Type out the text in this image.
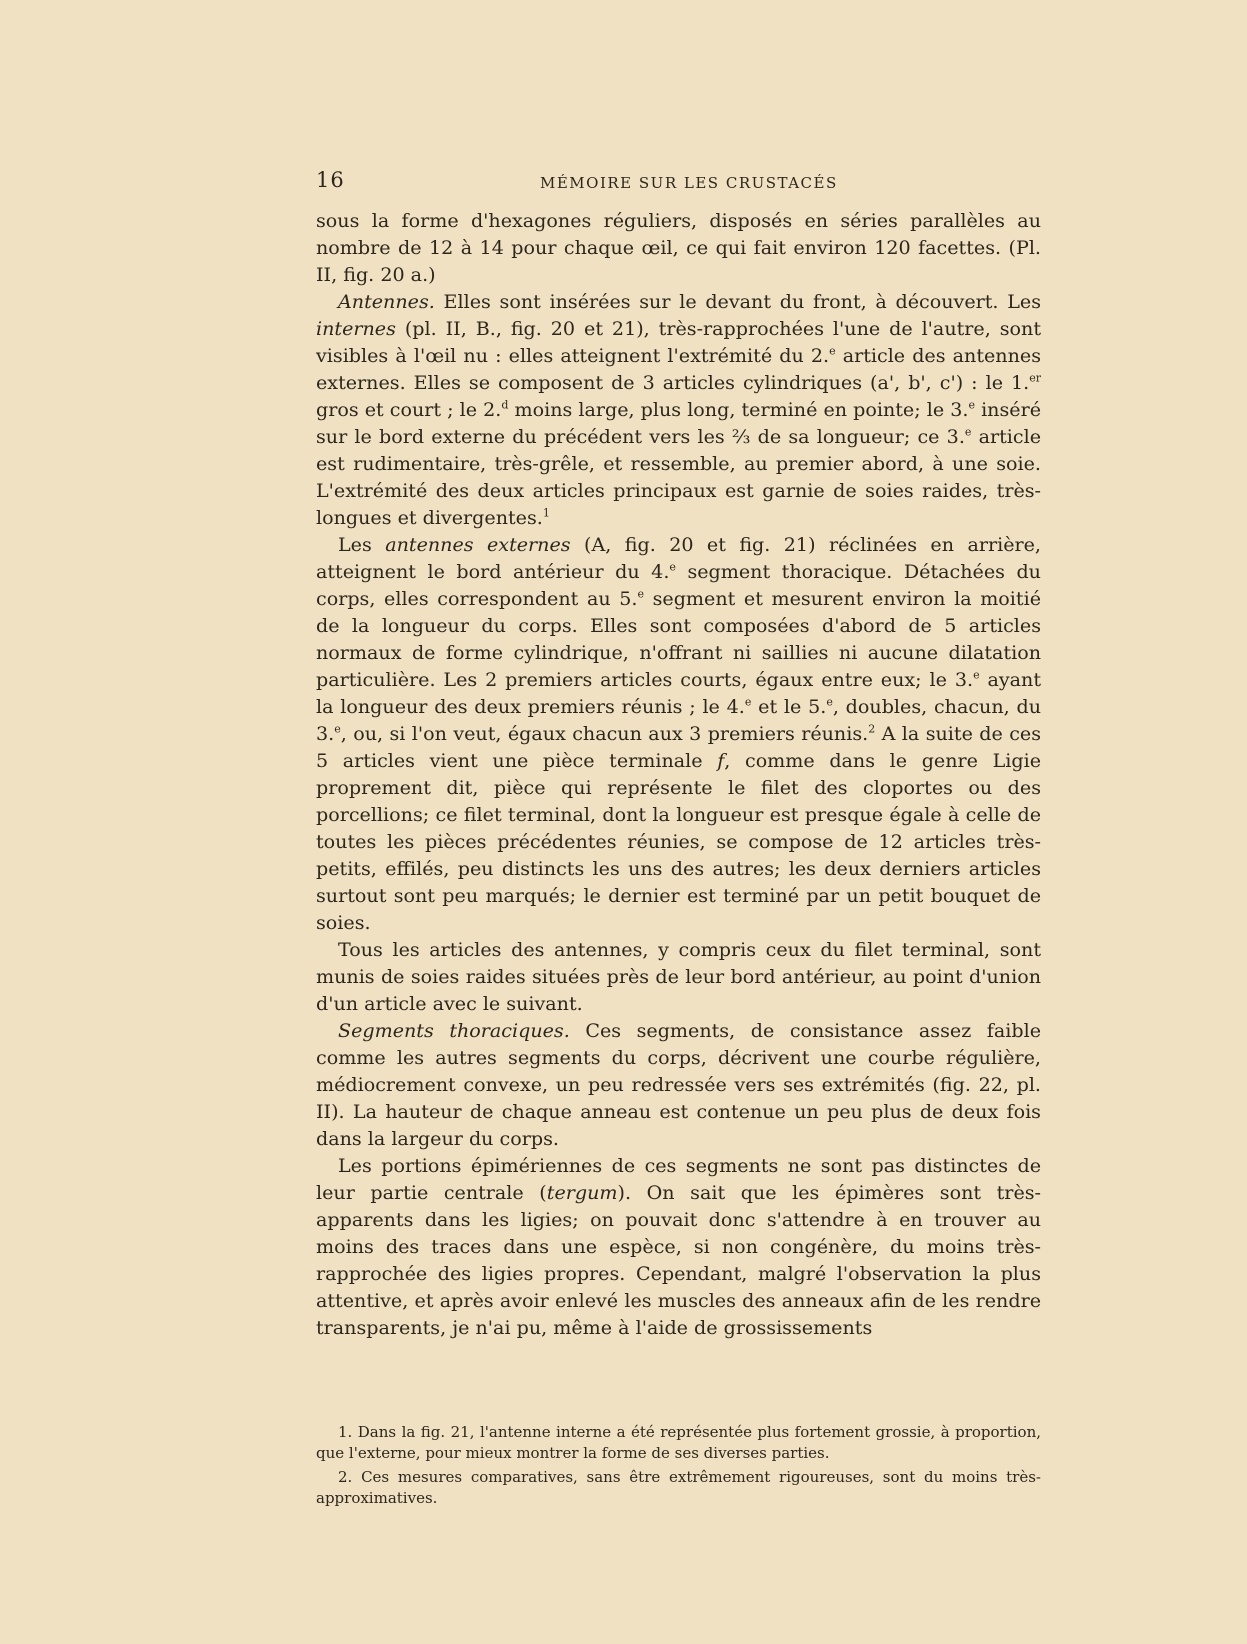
16	MÉMOIRE SUR LES CRUSTACÉS

sous la forme d'hexagones réguliers, disposés en séries parallèles au nombre de 12 à 14 pour chaque œil, ce qui fait environ 120 facettes. (Pl. II, fig. 20 a.)

Antennes. Elles sont insérées sur le devant du front, à découvert. Les internes (pl. II, B., fig. 20 et 21), très-rapprochées l'une de l'autre, sont visibles à l'œil nu : elles atteignent l'extrémité du 2.$^e$ article des antennes externes. Elles se composent de 3 articles cylindriques (a', b', c') : le 1.$^{er}$ gros et court ; le 2.$^d$ moins large, plus long, terminé en pointe; le 3.$^e$ inséré sur le bord externe du précédent vers les ⅔ de sa longueur; ce 3.$^e$ article est rudimentaire, très-grêle, et ressemble, au premier abord, à une soie. L'extrémité des deux articles principaux est garnie de soies raides, très-longues et divergentes.$^1$

Les antennes externes (A, fig. 20 et fig. 21) réclinées en arrière, atteignent le bord antérieur du 4.$^e$ segment thoracique. Détachées du corps, elles correspondent au 5.$^e$ segment et mesurent environ la moitié de la longueur du corps. Elles sont composées d'abord de 5 articles normaux de forme cylindrique, n'offrant ni saillies ni aucune dilatation particulière. Les 2 premiers articles courts, égaux entre eux; le 3.$^e$ ayant la longueur des deux premiers réunis ; le 4.$^e$ et le 5.$^e$, doubles, chacun, du 3.$^e$, ou, si l'on veut, égaux chacun aux 3 premiers réunis.$^2$ A la suite de ces 5 articles vient une pièce terminale f, comme dans le genre Ligie proprement dit, pièce qui représente le filet des cloportes ou des porcellions; ce filet terminal, dont la longueur est presque égale à celle de toutes les pièces précédentes réunies, se compose de 12 articles très-petits, effilés, peu distincts les uns des autres; les deux derniers articles surtout sont peu marqués; le dernier est terminé par un petit bouquet de soies.

Tous les articles des antennes, y compris ceux du filet terminal, sont munis de soies raides situées près de leur bord antérieur, au point d'union d'un article avec le suivant.

Segments thoraciques. Ces segments, de consistance assez faible comme les autres segments du corps, décrivent une courbe régulière, médiocrement convexe, un peu redressée vers ses extrémités (fig. 22, pl. II). La hauteur de chaque anneau est contenue un peu plus de deux fois dans la largeur du corps.

Les portions épimériennes de ces segments ne sont pas distinctes de leur partie centrale (tergum). On sait que les épimères sont très-apparents dans les ligies; on pouvait donc s'attendre à en trouver au moins des traces dans une espèce, si non congénère, du moins très-rapprochée des ligies propres. Cependant, malgré l'observation la plus attentive, et après avoir enlevé les muscles des anneaux afin de les rendre transparents, je n'ai pu, même à l'aide de grossissements

1. Dans la fig. 21, l'antenne interne a été représentée plus fortement grossie, à proportion, que l'externe, pour mieux montrer la forme de ses diverses parties.

2. Ces mesures comparatives, sans être extrêmement rigoureuses, sont du moins très-approximatives.
